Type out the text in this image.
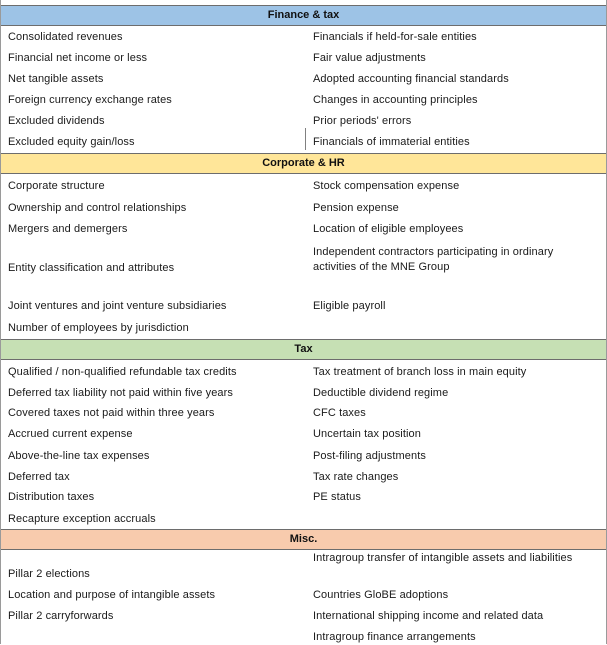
Finance & tax
Consolidated revenues
Financial net income or less
Net tangible assets
Foreign currency exchange rates
Excluded dividends
Excluded equity gain/loss
Financials if held-for-sale entities
Fair value adjustments
Adopted accounting financial standards
Changes in accounting principles
Prior periods' errors
Financials of immaterial entities
Corporate & HR
Corporate structure
Ownership and control relationships
Mergers and demergers
Entity classification and attributes
Joint ventures and joint venture subsidiaries
Number of employees by jurisdiction
Stock compensation expense
Pension expense
Location of eligible employees
Independent contractors participating in ordinary activities of the MNE Group
Eligible payroll
Tax
Qualified / non-qualified refundable tax credits
Deferred tax liability not paid within five years
Covered taxes not paid within three years
Accrued current expense
Above-the-line tax expenses
Deferred tax
Distribution taxes
Recapture exception accruals
Tax treatment of branch loss in main equity
Deductible dividend regime
CFC taxes
Uncertain tax position
Post-filing adjustments
Tax rate changes
PE status
Misc.
Pillar 2 elections
Location and purpose of intangible assets
Pillar 2 carryforwards
Intragroup transfer of intangible assets and liabilities
Countries GloBE adoptions
International shipping income and related data
Intragroup finance arrangements
